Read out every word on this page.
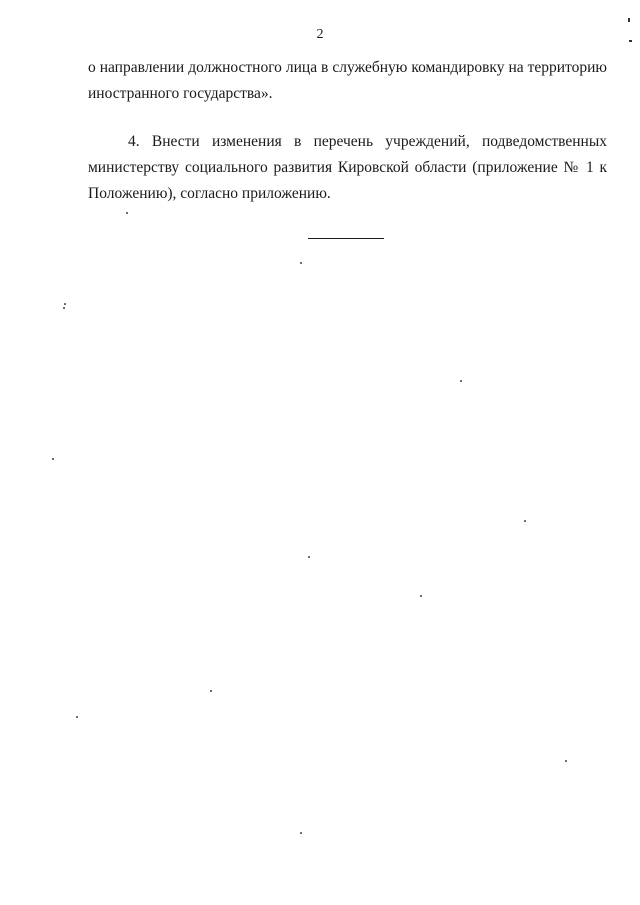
2

о направлении должностного лица в служебную командировку на территорию иностранного государства».

4. Внести изменения в перечень учреждений, подведомственных министерству социального развития Кировской области (приложение № 1 к Положению), согласно приложению.
